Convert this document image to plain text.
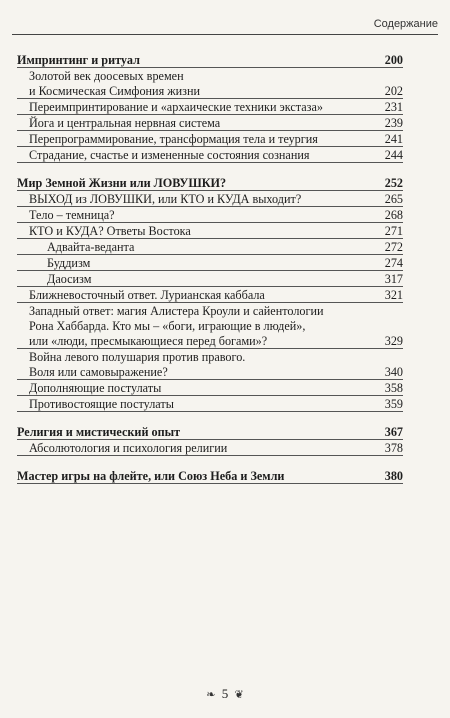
Содержание
Импринтинг и ритуал	200
Золотой век доосевых времен
и Космическая Симфония жизни	202
Переимпринтирование и «архаические техники экстаза»	231
Йога и центральная нервная система	239
Перепрограммирование, трансформация тела и теургия	241
Страдание, счастье и измененные состояния сознания	244
Мир Земной Жизни или ЛОВУШКИ?	252
ВЫХОД из ЛОВУШКИ, или КТО и КУДА выходит?	265
Тело – темница?	268
КТО и КУДА? Ответы Востока	271
Адвайта-веданта	272
Буддизм	274
Даосизм	317
Ближневосточный ответ. Лурианская каббала	321
Западный ответ: магия Алистера Кроули и сайентологии
Рона Хаббарда. Кто мы – «боги, играющие в людей»,
или «люди, пресмыкающиеся перед богами»?	329
Война левого полушария против правого.
Воля или самовыражение?	340
Дополняющие постулаты	358
Противостоящие постулаты	359
Религия и мистический опыт	367
Абсолютология и психология религии	378
Мастер игры на флейте, или Союз Неба и Земли	380
❧ 5 ❦
